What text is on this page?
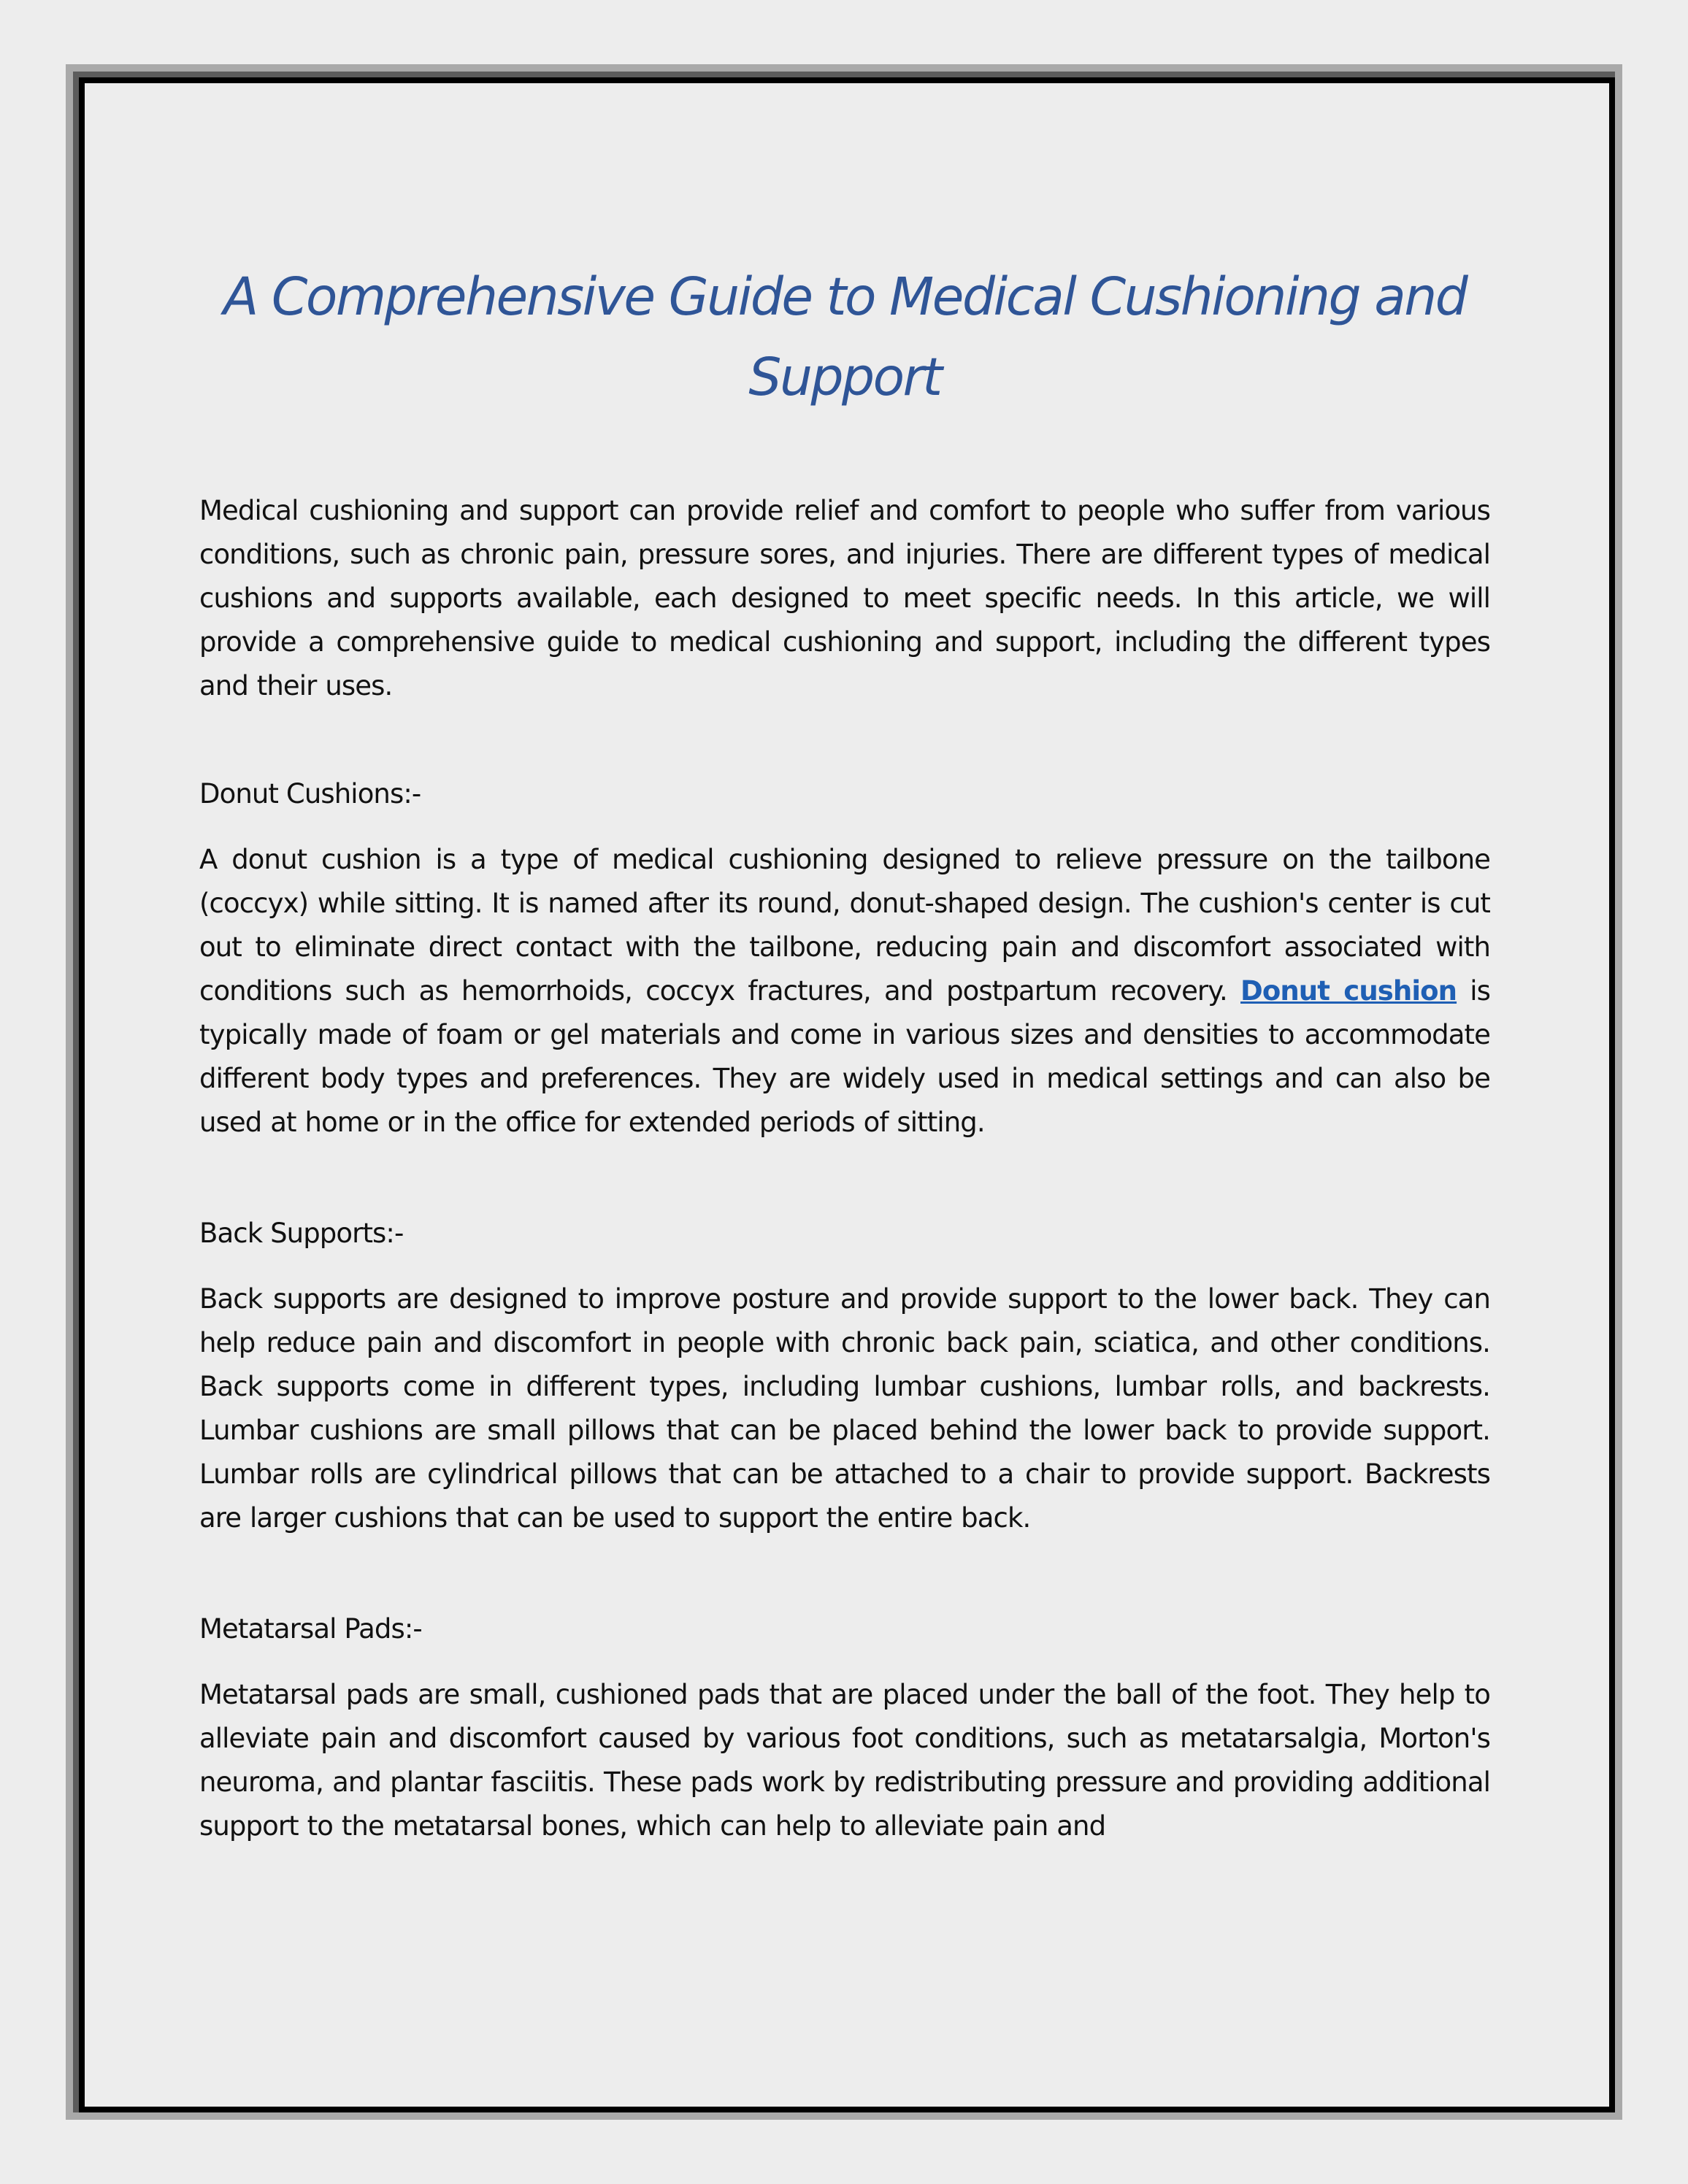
A Comprehensive Guide to Medical Cushioning and
Support

Medical cushioning and support can provide relief and comfort to people who suffer from various conditions, such as chronic pain, pressure sores, and injuries. There are different types of medical cushions and supports available, each designed to meet specific needs. In this article, we will provide a comprehensive guide to medical cushioning and support, including the different types and their uses.

Donut Cushions:-

A donut cushion is a type of medical cushioning designed to relieve pressure on the tailbone (coccyx) while sitting. It is named after its round, donut-shaped design. The cushion's center is cut out to eliminate direct contact with the tailbone, reducing pain and discomfort associated with conditions such as hemorrhoids, coccyx fractures, and postpartum recovery. Donut cushion is typically made of foam or gel materials and come in various sizes and densities to accommodate different body types and preferences. They are widely used in medical settings and can also be used at home or in the office for extended periods of sitting.

Back Supports:-

Back supports are designed to improve posture and provide support to the lower back. They can help reduce pain and discomfort in people with chronic back pain, sciatica, and other conditions. Back supports come in different types, including lumbar cushions, lumbar rolls, and backrests. Lumbar cushions are small pillows that can be placed behind the lower back to provide support. Lumbar rolls are cylindrical pillows that can be attached to a chair to provide support. Backrests are larger cushions that can be used to support the entire back.

Metatarsal Pads:-

Metatarsal pads are small, cushioned pads that are placed under the ball of the foot. They help to alleviate pain and discomfort caused by various foot conditions, such as metatarsalgia, Morton's neuroma, and plantar fasciitis. These pads work by redistributing pressure and providing additional support to the metatarsal bones, which can help to alleviate pain and
